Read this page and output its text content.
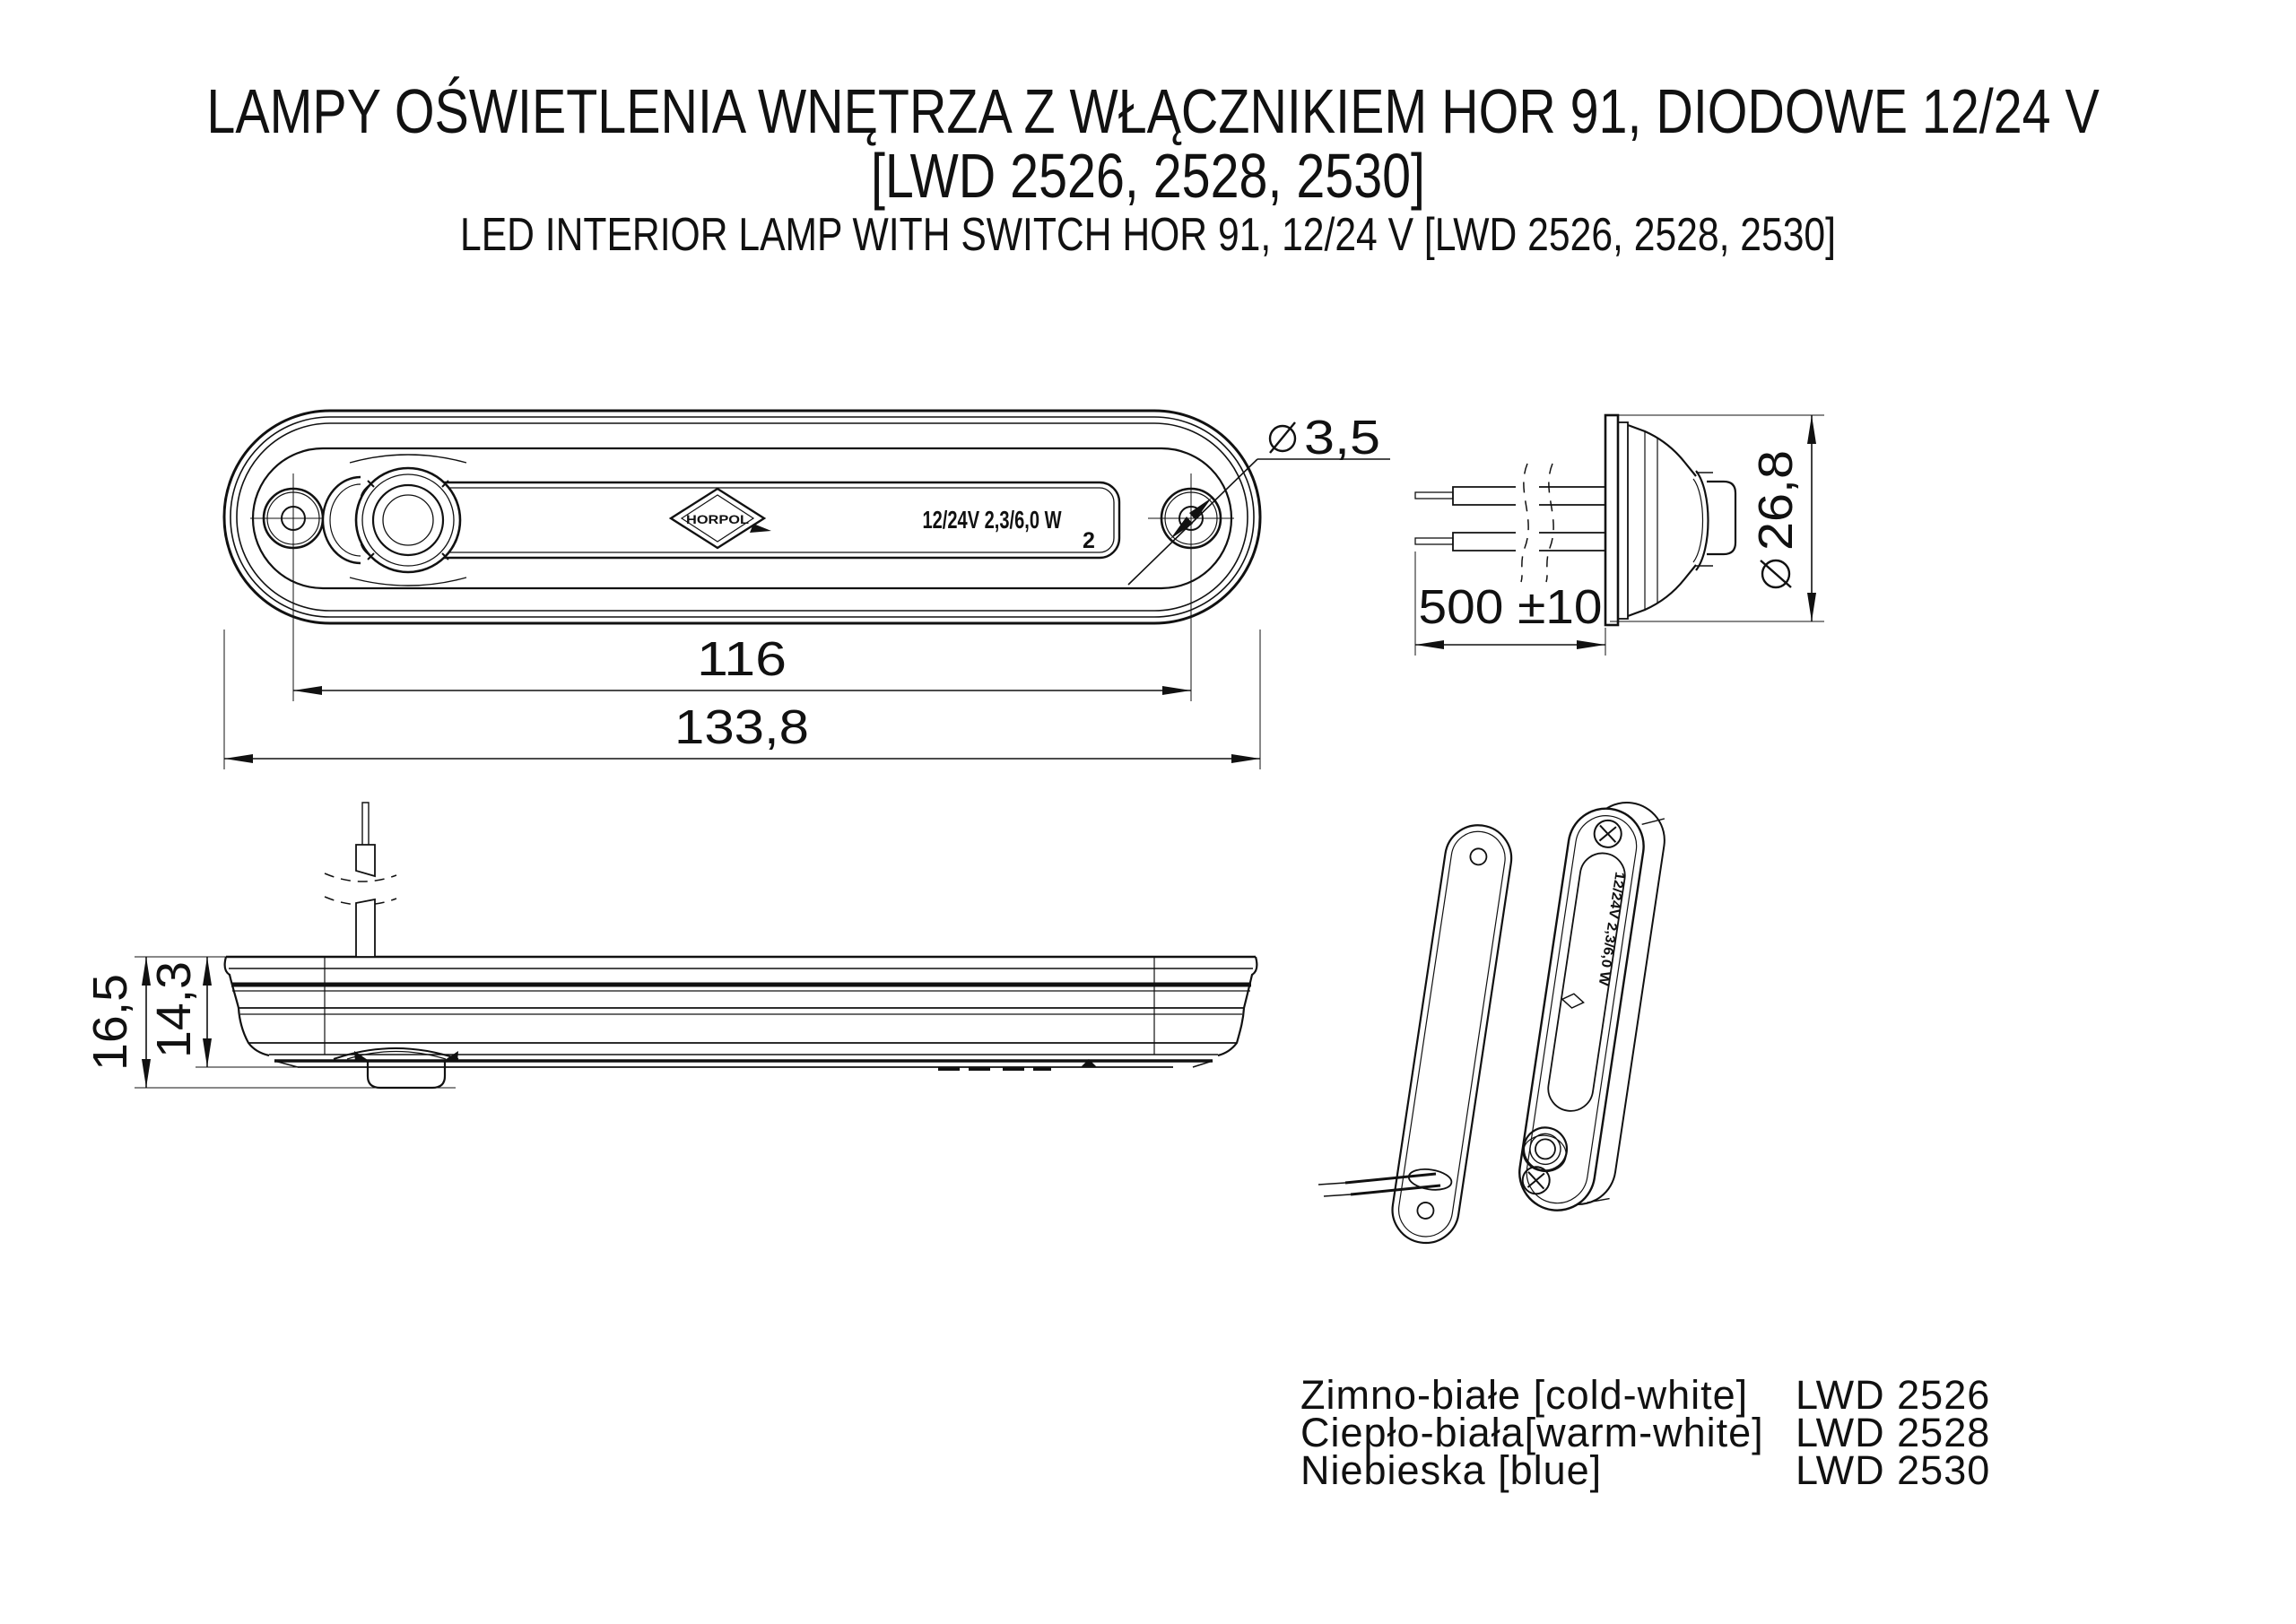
LAMPY OŚWIETLENIA WNĘTRZA Z WŁĄCZNIKIEM HOR 91, DIODOWE 12/24 V
[LWD 2526, 2528, 2530]
LED INTERIOR LAMP WITH SWITCH HOR 91, 12/24 V [LWD 2526, 2528, 2530]
HORPOL	12/24V 2,3/6,0 W
2
116
133,8
3,5
500 ±10
26,8
16,5 14,3
12/24V 2,3/6,0 W
Zimno-białe [cold-white]	LWD 2526
Ciepło-biała[warm-white] LWD 2528
Niebieska [blue]	LWD 2530
